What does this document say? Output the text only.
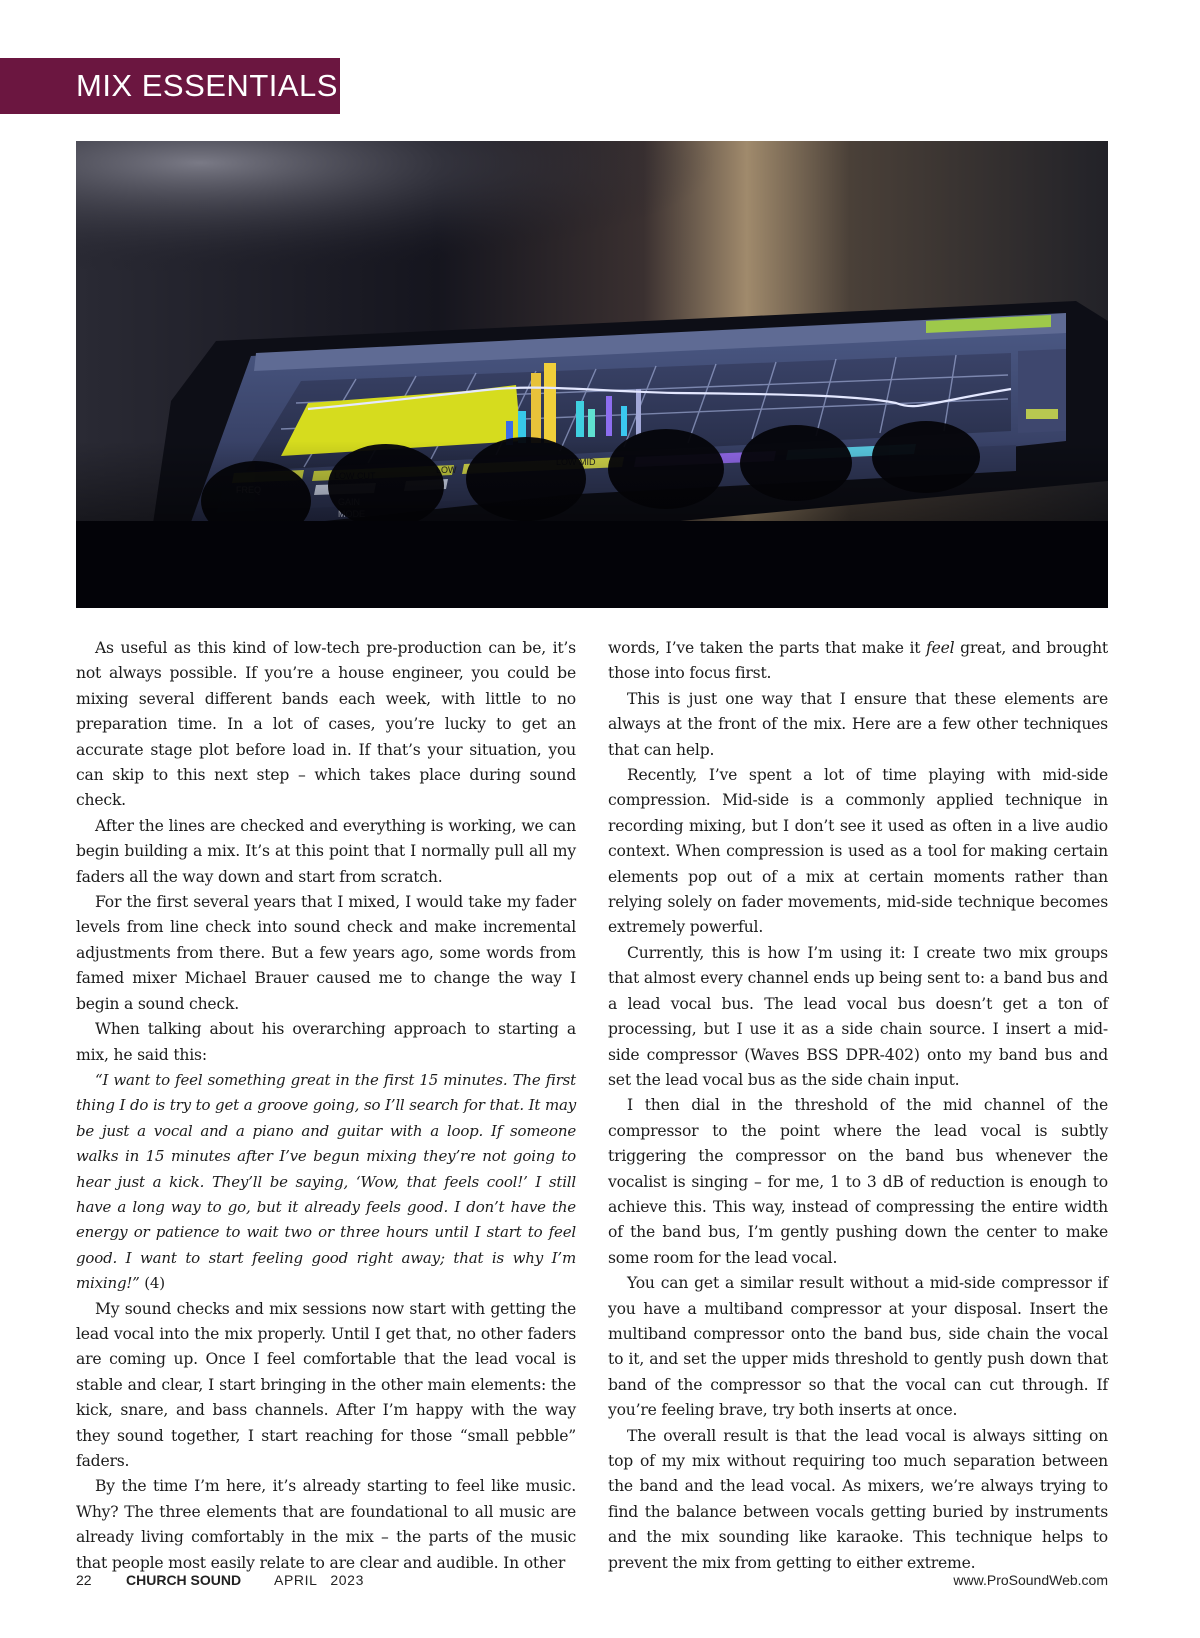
MIX ESSENTIALS

As useful as this kind of low-tech pre-production can be, it’s not always possible. If you’re a house engineer, you could be mixing several different bands each week, with little to no preparation time. In a lot of cases, you’re lucky to get an accurate stage plot before load in. If that’s your situation, you can skip to this next step – which takes place during sound check.

After the lines are checked and everything is working, we can begin building a mix. It’s at this point that I normally pull all my faders all the way down and start from scratch.

For the first several years that I mixed, I would take my fader levels from line check into sound check and make incremental adjustments from there. But a few years ago, some words from famed mixer Michael Brauer caused me to change the way I begin a sound check.

When talking about his overarching approach to starting a mix, he said this:

“I want to feel something great in the first 15 minutes. The first thing I do is try to get a groove going, so I’ll search for that. It may be just a vocal and a piano and guitar with a loop. If someone walks in 15 minutes after I’ve begun mixing they’re not going to hear just a kick. They’ll be saying, ‘Wow, that feels cool!’ I still have a long way to go, but it already feels good. I don’t have the energy or patience to wait two or three hours until I start to feel good. I want to start feeling good right away; that is why I’m mixing!” (4)

My sound checks and mix sessions now start with getting the lead vocal into the mix properly. Until I get that, no other faders are coming up. Once I feel comfortable that the lead vocal is stable and clear, I start bringing in the other main elements: the kick, snare, and bass channels. After I’m happy with the way they sound together, I start reaching for those “small pebble” faders.

By the time I’m here, it’s already starting to feel like music. Why? The three elements that are foundational to all music are already living comfortably in the mix – the parts of the music that people most easily relate to are clear and audible. In other

words, I’ve taken the parts that make it feel great, and brought those into focus first.

This is just one way that I ensure that these elements are always at the front of the mix. Here are a few other techniques that can help.

Recently, I’ve spent a lot of time playing with mid-side compression. Mid-side is a commonly applied technique in recording mixing, but I don’t see it used as often in a live audio context. When compression is used as a tool for making certain elements pop out of a mix at certain moments rather than relying solely on fader movements, mid-side technique becomes extremely powerful.

Currently, this is how I’m using it: I create two mix groups that almost every channel ends up being sent to: a band bus and a lead vocal bus. The lead vocal bus doesn’t get a ton of processing, but I use it as a side chain source. I insert a mid-side compressor (Waves BSS DPR-402) onto my band bus and set the lead vocal bus as the side chain input.

I then dial in the threshold of the mid channel of the compressor to the point where the lead vocal is subtly triggering the compressor on the band bus whenever the vocalist is singing – for me, 1 to 3 dB of reduction is enough to achieve this. This way, instead of compressing the entire width of the band bus, I’m gently pushing down the center to make some room for the lead vocal.

You can get a similar result without a mid-side compressor if you have a multiband compressor at your disposal. Insert the multiband compressor onto the band bus, side chain the vocal to it, and set the upper mids threshold to gently push down that band of the compressor so that the vocal can cut through. If you’re feeling brave, try both inserts at once.

The overall result is that the lead vocal is always sitting on top of my mix without requiring too much separation between the band and the lead vocal. As mixers, we’re always trying to find the balance between vocals getting buried by instruments and the mix sounding like karaoke. This technique helps to prevent the mix from getting to either extreme.

22 CHURCH SOUND APRIL   2023	www.ProSoundWeb.com
